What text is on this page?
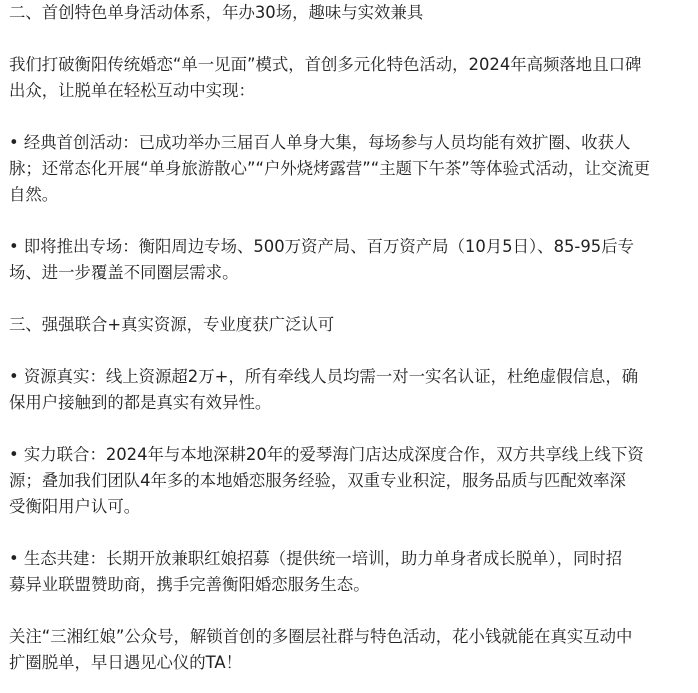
二、首创特色单身活动体系，年办30场，趣味与实效兼具
我们打破衡阳传统婚恋“单一见面”模式，首创多元化特色活动，2024年高频落地且口碑
出众，让脱单在轻松互动中实现：
• 经典首创活动：已成功举办三届百人单身大集，每场参与人员均能有效扩圈、收获人
脉；还常态化开展“单身旅游散心”“户外烧烤露营”“主题下午茶”等体验式活动，让交流更
自然。
• 即将推出专场：衡阳周边专场、500万资产局、百万资产局（10月5日）、85-95后专
场、进一步覆盖不同圈层需求。
三、强强联合+真实资源，专业度获广泛认可
• 资源真实：线上资源超2万+，所有牵线人员均需一对一实名认证，杜绝虚假信息，确
保用户接触到的都是真实有效异性。
• 实力联合：2024年与本地深耕20年的爱琴海门店达成深度合作，双方共享线上线下资
源；叠加我们团队4年多的本地婚恋服务经验，双重专业积淀，服务品质与匹配效率深
受衡阳用户认可。
• 生态共建：长期开放兼职红娘招募（提供统一培训，助力单身者成长脱单），同时招
募异业联盟赞助商，携手完善衡阳婚恋服务生态。
关注“三湘红娘”公众号，解锁首创的多圈层社群与特色活动，花小钱就能在真实互动中
扩圈脱单，早日遇见心仪的TA！
